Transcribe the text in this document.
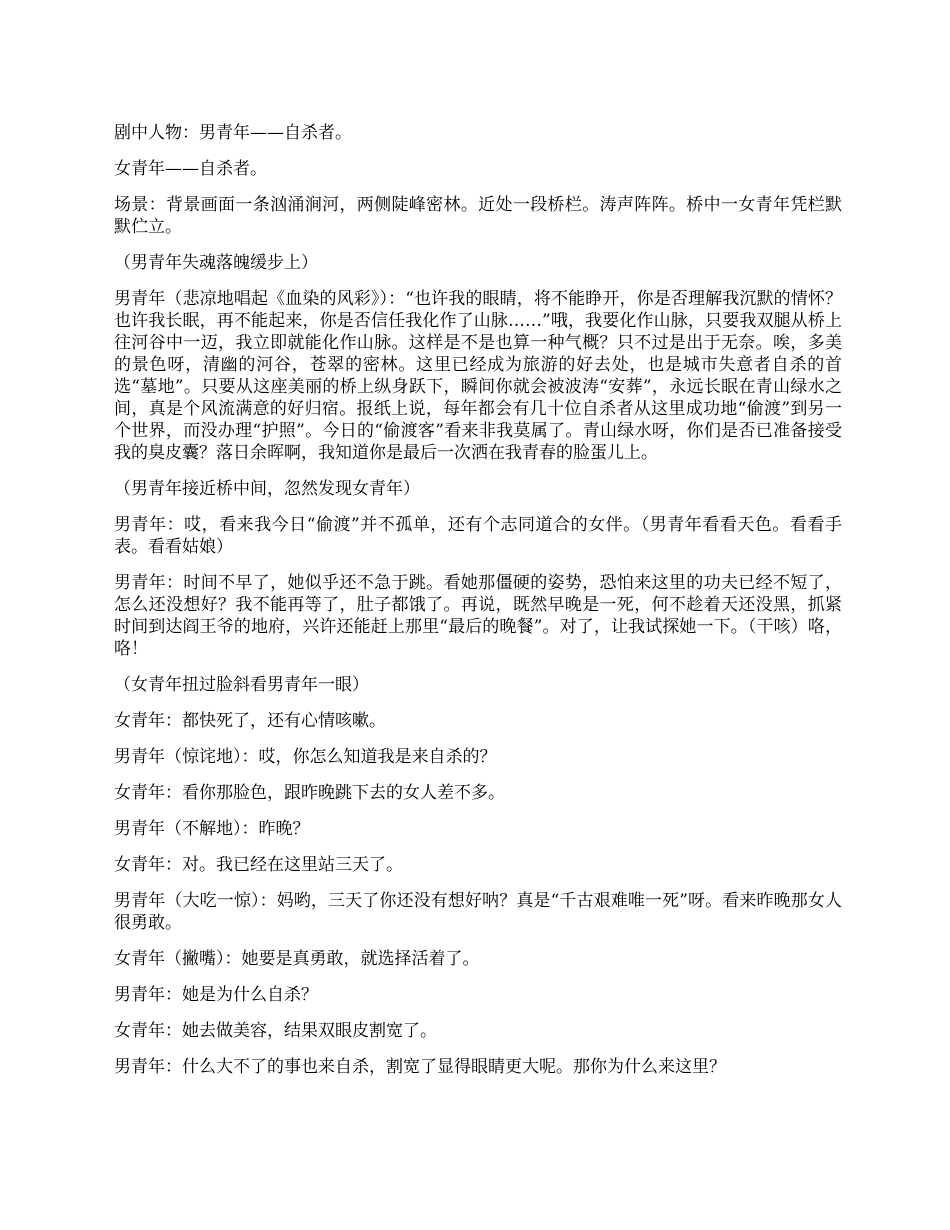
剧中人物：男青年——自杀者。

女青年——自杀者。

场景：背景画面一条汹涌涧河，两侧陡峰密林。近处一段桥栏。涛声阵阵。桥中一女青年凭栏默默伫立。

（男青年失魂落魄缓步上）

男青年（悲凉地唱起《血染的风彩》）：“也许我的眼睛，将不能睁开，你是否理解我沉默的情怀？也许我长眠，再不能起来，你是否信任我化作了山脉……”哦，我要化作山脉，只要我双腿从桥上往河谷中一迈，我立即就能化作山脉。这样是不是也算一种气概？只不过是出于无奈。唉，多美的景色呀，清幽的河谷，苍翠的密林。这里已经成为旅游的好去处，也是城市失意者自杀的首选“墓地”。只要从这座美丽的桥上纵身跃下，瞬间你就会被波涛“安葬”，永远长眠在青山绿水之间，真是个风流满意的好归宿。报纸上说，每年都会有几十位自杀者从这里成功地“偷渡”到另一个世界，而没办理“护照”。今日的“偷渡客”看来非我莫属了。青山绿水呀，你们是否已准备接受我的臭皮囊？落日余晖啊，我知道你是最后一次洒在我青春的脸蛋儿上。

（男青年接近桥中间，忽然发现女青年）

男青年：哎，看来我今日“偷渡”并不孤单，还有个志同道合的女伴。（男青年看看天色。看看手表。看看姑娘）

男青年：时间不早了，她似乎还不急于跳。看她那僵硬的姿势，恐怕来这里的功夫已经不短了，怎么还没想好？我不能再等了，肚子都饿了。再说，既然早晚是一死，何不趁着天还没黑，抓紧时间到达阎王爷的地府，兴许还能赶上那里“最后的晚餐”。对了，让我试探她一下。（干咳）咯，咯！

（女青年扭过脸斜看男青年一眼）

女青年：都快死了，还有心情咳嗽。

男青年（惊诧地）：哎，你怎么知道我是来自杀的？

女青年：看你那脸色，跟昨晚跳下去的女人差不多。

男青年（不解地）：昨晚？

女青年：对。我已经在这里站三天了。

男青年（大吃一惊）：妈哟，三天了你还没有想好呐？真是“千古艰难唯一死”呀。看来昨晚那女人很勇敢。

女青年（撇嘴）：她要是真勇敢，就选择活着了。

男青年：她是为什么自杀？

女青年：她去做美容，结果双眼皮割宽了。

男青年：什么大不了的事也来自杀，割宽了显得眼睛更大呢。那你为什么来这里？
